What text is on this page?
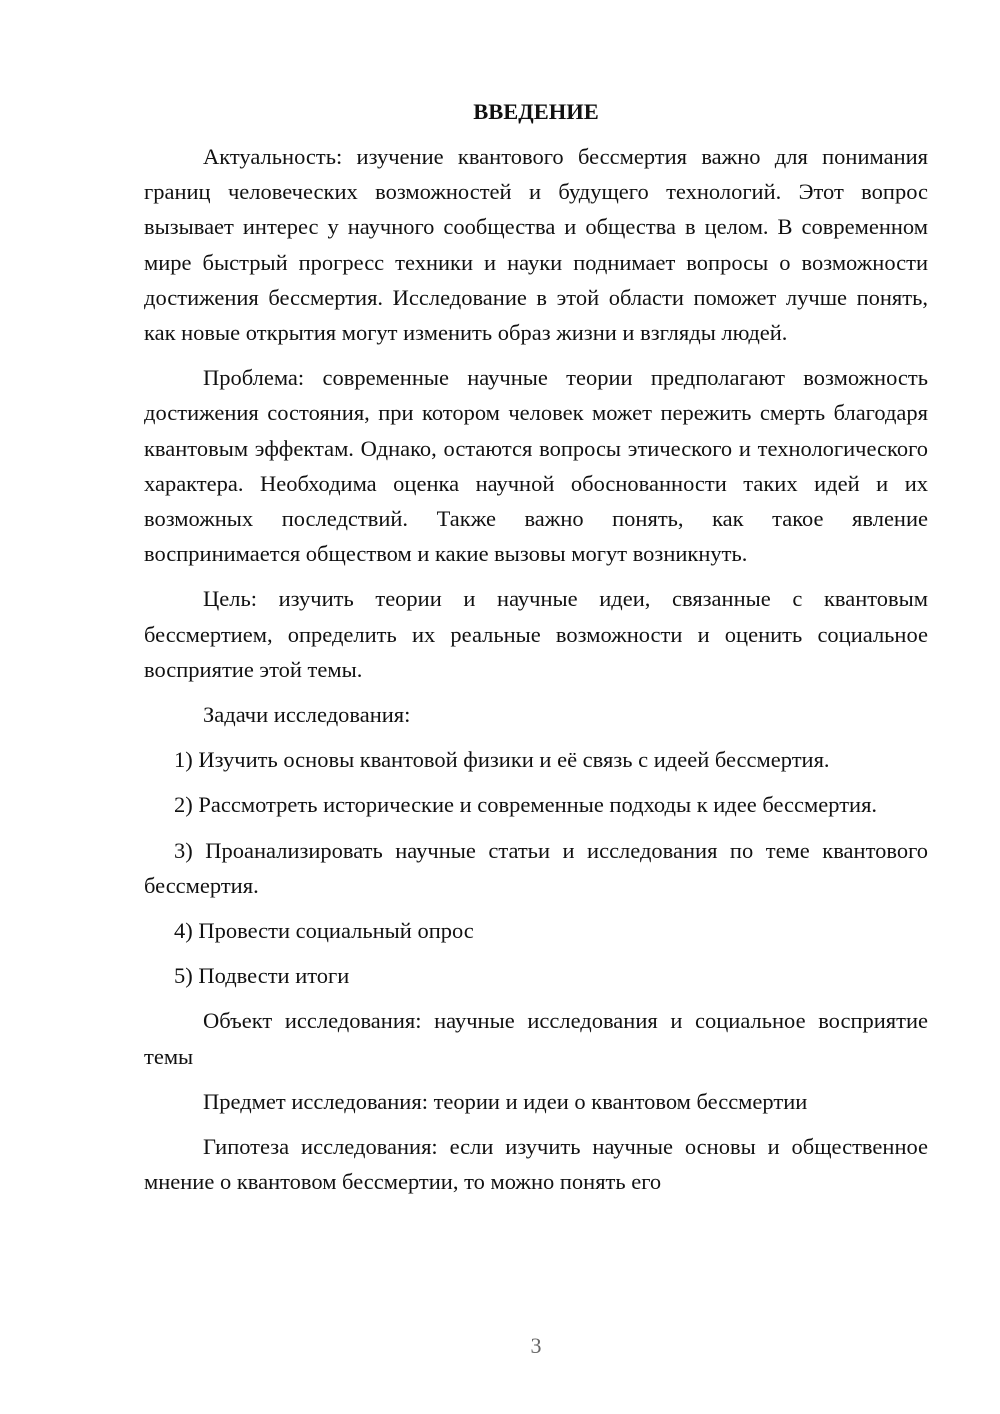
ВВЕДЕНИЕ

Актуальность: изучение квантового бессмертия важно для понимания границ человеческих возможностей и будущего технологий. Этот вопрос вызывает интерес у научного сообщества и общества в целом. В современном мире быстрый прогресс техники и науки поднимает вопросы о возможности достижения бессмертия. Исследование в этой области поможет лучше понять, как новые открытия могут изменить образ жизни и взгляды людей.

Проблема: современные научные теории предполагают возможность достижения состояния, при котором человек может пережить смерть благодаря квантовым эффектам. Однако, остаются вопросы этического и технологического характера. Необходима оценка научной обоснованности таких идей и их возможных последствий. Также важно понять, как такое явление воспринимается обществом и какие вызовы могут возникнуть.

Цель: изучить теории и научные идеи, связанные с квантовым бессмертием, определить их реальные возможности и оценить социальное восприятие этой темы.

Задачи исследования:

1) Изучить основы квантовой физики и её связь с идеей бессмертия.

2) Рассмотреть исторические и современные подходы к идее бессмертия.

3) Проанализировать научные статьи и исследования по теме квантового бессмертия.

4) Провести социальный опрос

5) Подвести итоги

Объект исследования: научные исследования и социальное восприятие темы

Предмет исследования: теории и идеи о квантовом бессмертии

Гипотеза исследования: если изучить научные основы и общественное мнение о квантовом бессмертии, то можно понять его

3
